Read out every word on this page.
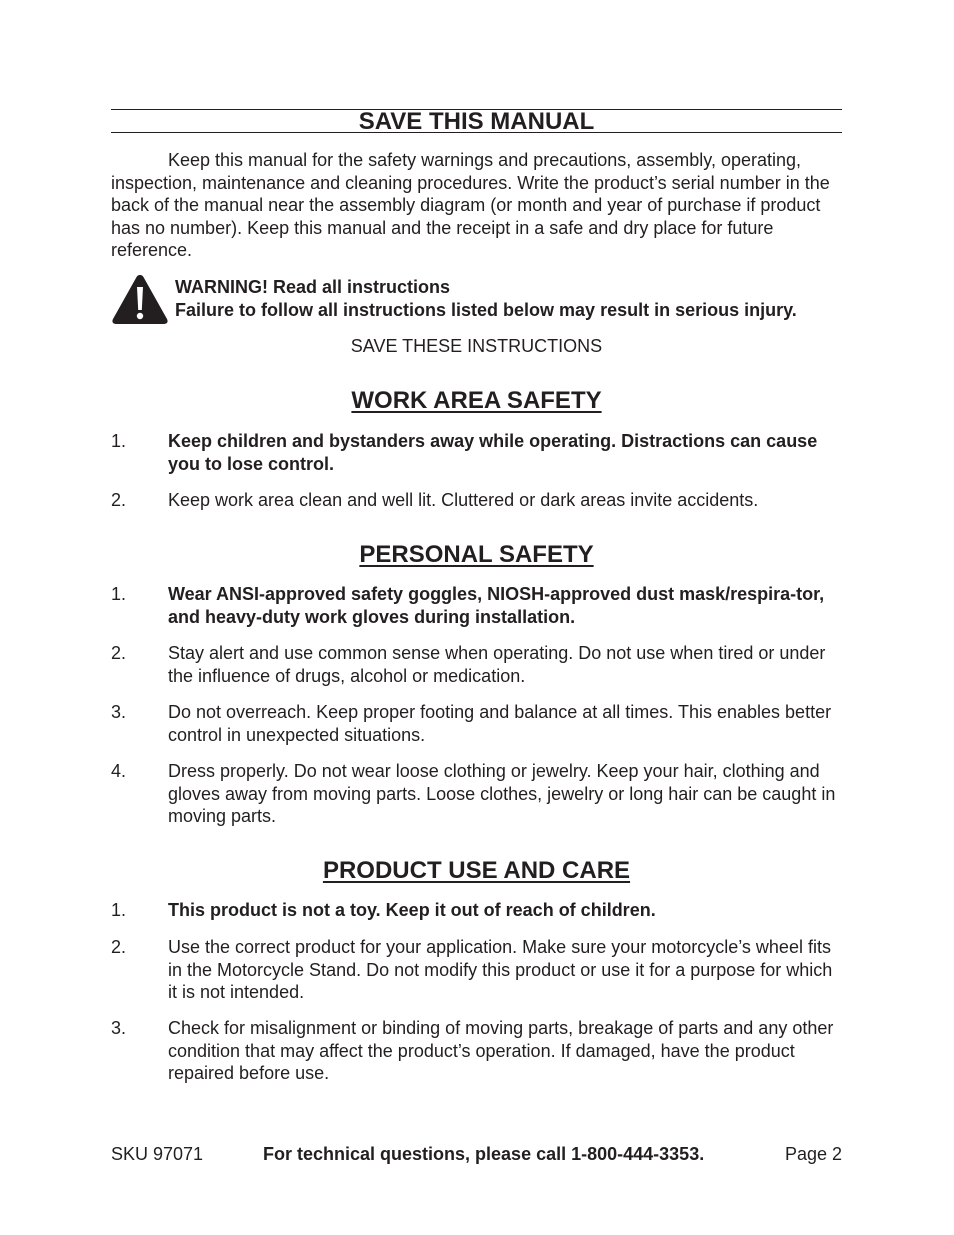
SAVE THIS MANUAL

Keep this manual for the safety warnings and precautions, assembly, operating, inspection, maintenance and cleaning procedures. Write the product’s serial number in the back of the manual near the assembly diagram (or month and year of purchase if product has no number). Keep this manual and the receipt in a safe and dry place for future reference.

WARNING! Read all instructions
Failure to follow all instructions listed below may result in serious injury.
SAVE THESE INSTRUCTIONS
WORK AREA SAFETY
1. Keep children and bystanders away while operating. Distractions can cause you to lose control.
2. Keep work area clean and well lit. Cluttered or dark areas invite accidents.
PERSONAL SAFETY
1. Wear ANSI-approved safety goggles, NIOSH-approved dust mask/respira-tor, and heavy-duty work gloves during installation.
2. Stay alert and use common sense when operating. Do not use when tired or under the influence of drugs, alcohol or medication.
3. Do not overreach. Keep proper footing and balance at all times. This enables better control in unexpected situations.
4. Dress properly. Do not wear loose clothing or jewelry. Keep your hair, clothing and gloves away from moving parts. Loose clothes, jewelry or long hair can be caught in moving parts.
PRODUCT USE AND CARE
1. This product is not a toy. Keep it out of reach of children.
2. Use the correct product for your application. Make sure your motorcycle’s wheel fits in the Motorcycle Stand. Do not modify this product or use it for a purpose for which it is not intended.
3. Check for misalignment or binding of moving parts, breakage of parts and any other condition that may affect the product’s operation. If damaged, have the product repaired before use.
SKU 97071	For technical questions, please call 1-800-444-3353.	Page 2
